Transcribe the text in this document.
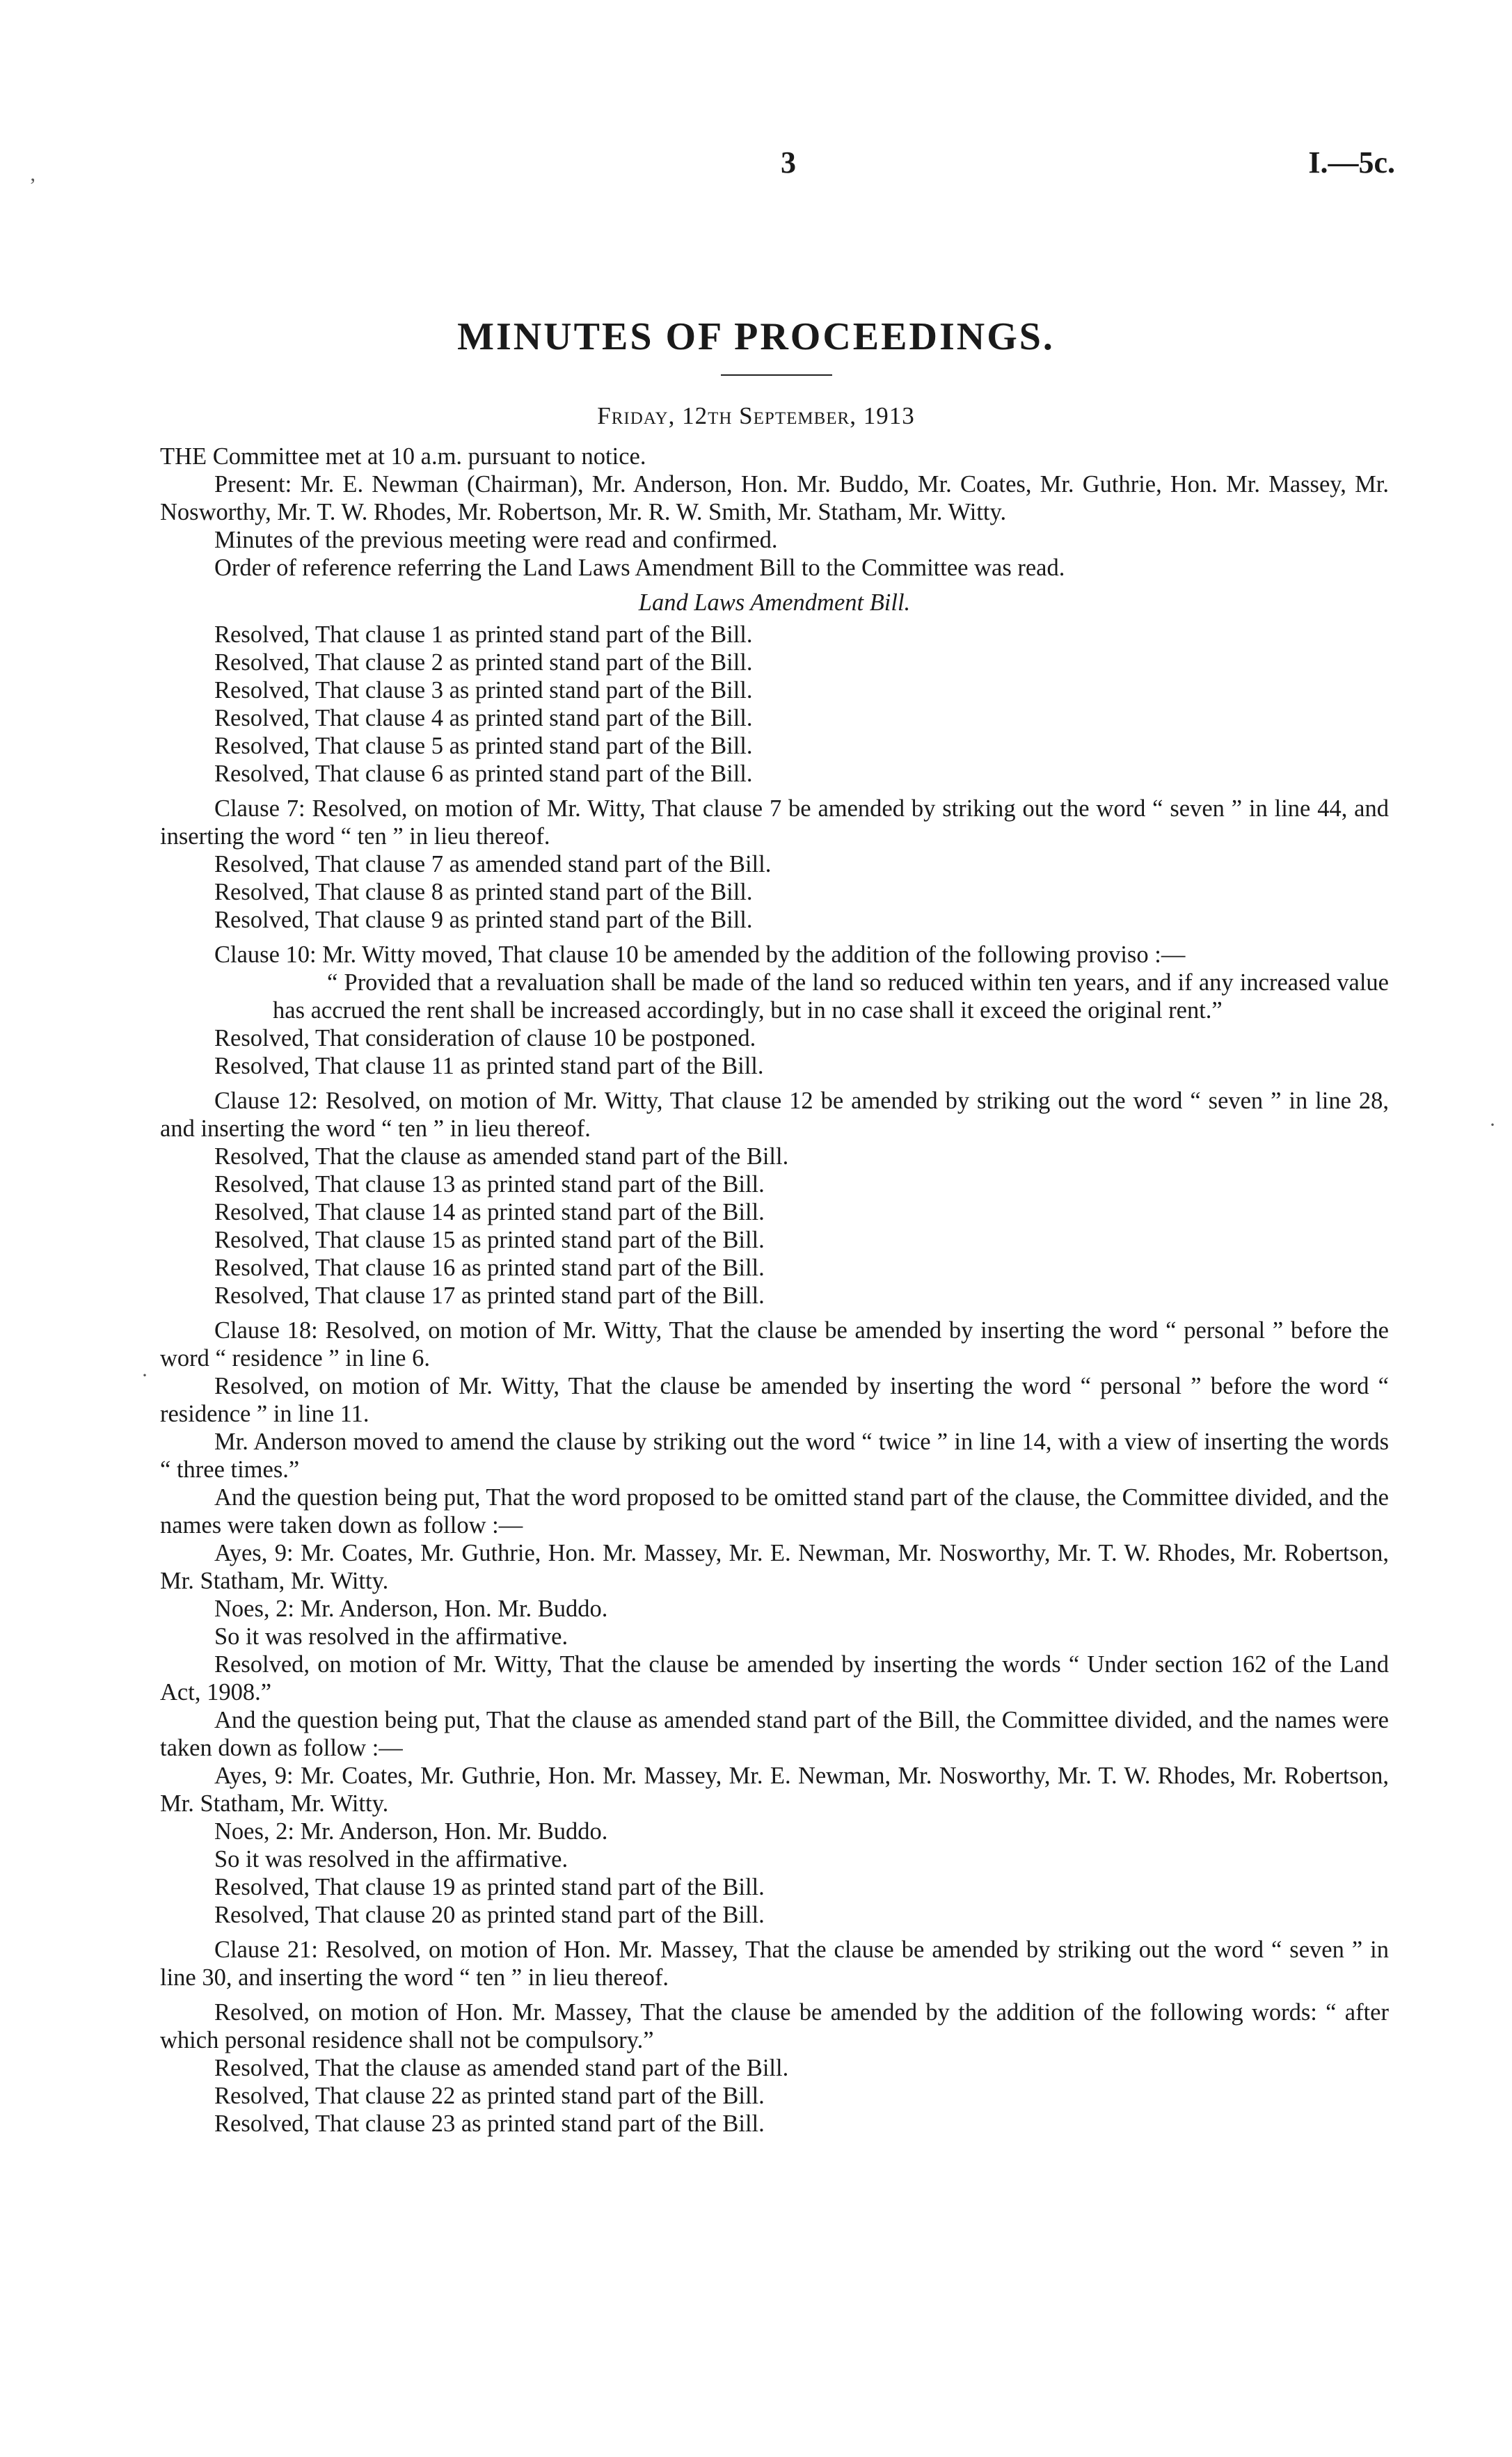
3	I.—5c.
MINUTES OF PROCEEDINGS.
Friday, 12th September, 1913

THE Committee met at 10 a.m. pursuant to notice.

Present: Mr. E. Newman (Chairman), Mr. Anderson, Hon. Mr. Buddo, Mr. Coates, Mr. Guthrie, Hon. Mr. Massey, Mr. Nosworthy, Mr. T. W. Rhodes, Mr. Robertson, Mr. R. W. Smith, Mr. Statham, Mr. Witty.

Minutes of the previous meeting were read and confirmed.

Order of reference referring the Land Laws Amendment Bill to the Committee was read.

Land Laws Amendment Bill.

Resolved, That clause 1 as printed stand part of the Bill.

Resolved, That clause 2 as printed stand part of the Bill.

Resolved, That clause 3 as printed stand part of the Bill.

Resolved, That clause 4 as printed stand part of the Bill.

Resolved, That clause 5 as printed stand part of the Bill.

Resolved, That clause 6 as printed stand part of the Bill.

Clause 7: Resolved, on motion of Mr. Witty, That clause 7 be amended by striking out the word “ seven ” in line 44, and inserting the word “ ten ” in lieu thereof.

Resolved, That clause 7 as amended stand part of the Bill.

Resolved, That clause 8 as printed stand part of the Bill.

Resolved, That clause 9 as printed stand part of the Bill.

Clause 10: Mr. Witty moved, That clause 10 be amended by the addition of the following proviso :—

“ Provided that a revaluation shall be made of the land so reduced within ten years, and if any increased value has accrued the rent shall be increased accordingly, but in no case shall it exceed the original rent.”

Resolved, That consideration of clause 10 be postponed.

Resolved, That clause 11 as printed stand part of the Bill.

Clause 12: Resolved, on motion of Mr. Witty, That clause 12 be amended by striking out the word “ seven ” in line 28, and inserting the word “ ten ” in lieu thereof.

Resolved, That the clause as amended stand part of the Bill.

Resolved, That clause 13 as printed stand part of the Bill.

Resolved, That clause 14 as printed stand part of the Bill.

Resolved, That clause 15 as printed stand part of the Bill.

Resolved, That clause 16 as printed stand part of the Bill.

Resolved, That clause 17 as printed stand part of the Bill.

Clause 18: Resolved, on motion of Mr. Witty, That the clause be amended by inserting the word “ personal ” before the word “ residence ” in line 6.

Resolved, on motion of Mr. Witty, That the clause be amended by inserting the word “ personal ” before the word “ residence ” in line 11.

Mr. Anderson moved to amend the clause by striking out the word “ twice ” in line 14, with a view of inserting the words “ three times.”

And the question being put, That the word proposed to be omitted stand part of the clause, the Committee divided, and the names were taken down as follow :—

Ayes, 9: Mr. Coates, Mr. Guthrie, Hon. Mr. Massey, Mr. E. Newman, Mr. Nosworthy, Mr. T. W. Rhodes, Mr. Robertson, Mr. Statham, Mr. Witty.

Noes, 2: Mr. Anderson, Hon. Mr. Buddo.

So it was resolved in the affirmative.

Resolved, on motion of Mr. Witty, That the clause be amended by inserting the words “ Under section 162 of the Land Act, 1908.”

And the question being put, That the clause as amended stand part of the Bill, the Committee divided, and the names were taken down as follow :—

Ayes, 9: Mr. Coates, Mr. Guthrie, Hon. Mr. Massey, Mr. E. Newman, Mr. Nosworthy, Mr. T. W. Rhodes, Mr. Robertson, Mr. Statham, Mr. Witty.

Noes, 2: Mr. Anderson, Hon. Mr. Buddo.

So it was resolved in the affirmative.

Resolved, That clause 19 as printed stand part of the Bill.

Resolved, That clause 20 as printed stand part of the Bill.

Clause 21: Resolved, on motion of Hon. Mr. Massey, That the clause be amended by striking out the word “ seven ” in line 30, and inserting the word “ ten ” in lieu thereof.

Resolved, on motion of Hon. Mr. Massey, That the clause be amended by the addition of the following words: “ after which personal residence shall not be compulsory.”

Resolved, That the clause as amended stand part of the Bill.

Resolved, That clause 22 as printed stand part of the Bill.

Resolved, That clause 23 as printed stand part of the Bill.

’
·
·
